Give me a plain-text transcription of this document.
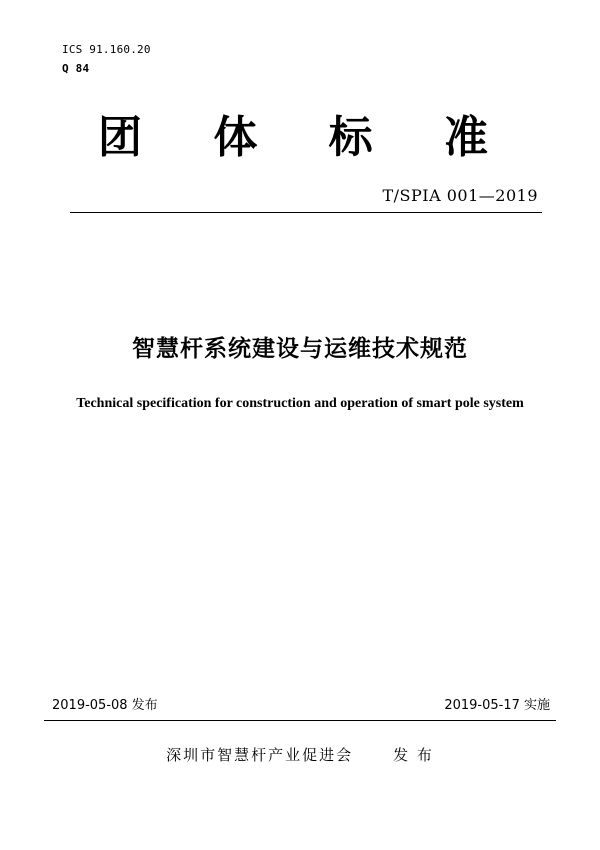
ICS 91.160.20
Q 84
团 体 标 准
T/SPIA 001—2019
智慧杆系统建设与运维技术规范
Technical specification for construction and operation of smart pole system
2019-05-08 发布	2019-05-17 实施
深圳市智慧杆产业促进会	发 布
